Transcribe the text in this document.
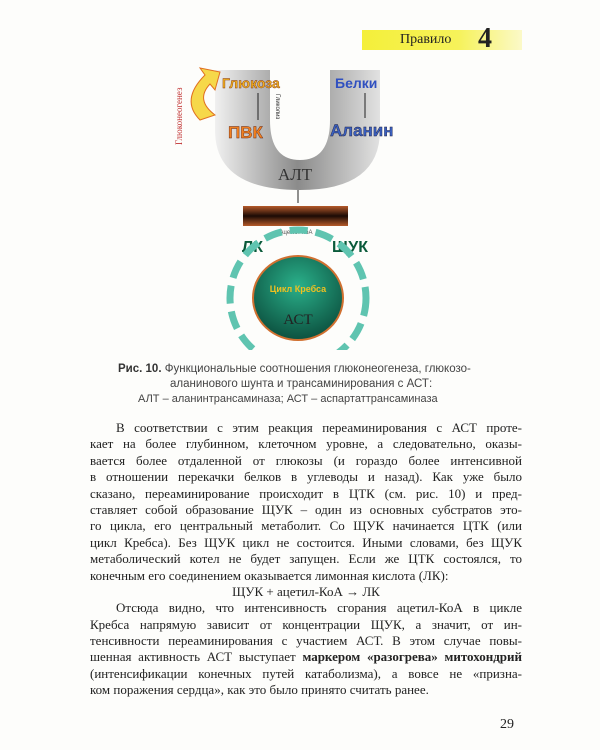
Правило 4
Глюкоза
ПВК
Белки
Аланин
Глюконеогенез	Гликолиз
АЛТ
Ацетил-КоА
ЛК	ЩУК
Цикл Кребса
АСТ
Рис. 10. Функциональные соотношения глюконеогенеза, глюкозо-
аланинового шунта и трансаминирования с АСТ:
АЛТ – аланинтрансаминаза; АСТ – аспартаттрансаминаза
В соответствии с этим реакция переаминирования с АСТ проте-
кает на более глубинном, клеточном уровне, а следовательно, оказы-
вается более отдаленной от глюкозы (и гораздо более интенсивной
в отношении перекачки белков в углеводы и назад). Как уже было
сказано, переаминирование происходит в ЦТК (см. рис. 10) и пред-
ставляет собой образование ЩУК – один из основных субстратов это-
го цикла, его центральный метаболит. Со ЩУК начинается ЦТК (или
цикл Кребса). Без ЩУК цикл не состоится. Иными словами, без ЩУК
метаболический котел не будет запущен. Если же ЦТК состоялся, то
конечным его соединением оказывается лимонная кислота (ЛК):
ЩУК + ацетил-КоА → ЛК
Отсюда видно, что интенсивность сгорания ацетил-КоА в цикле
Кребса напрямую зависит от концентрации ЩУК, а значит, от ин-
тенсивности переаминирования с участием АСТ. В этом случае повы-
шенная активность АСТ выступает маркером «разогрева» митохондрий
(интенсификации конечных путей катаболизма), а вовсе не «призна-
ком поражения сердца», как это было принято считать ранее.
29
